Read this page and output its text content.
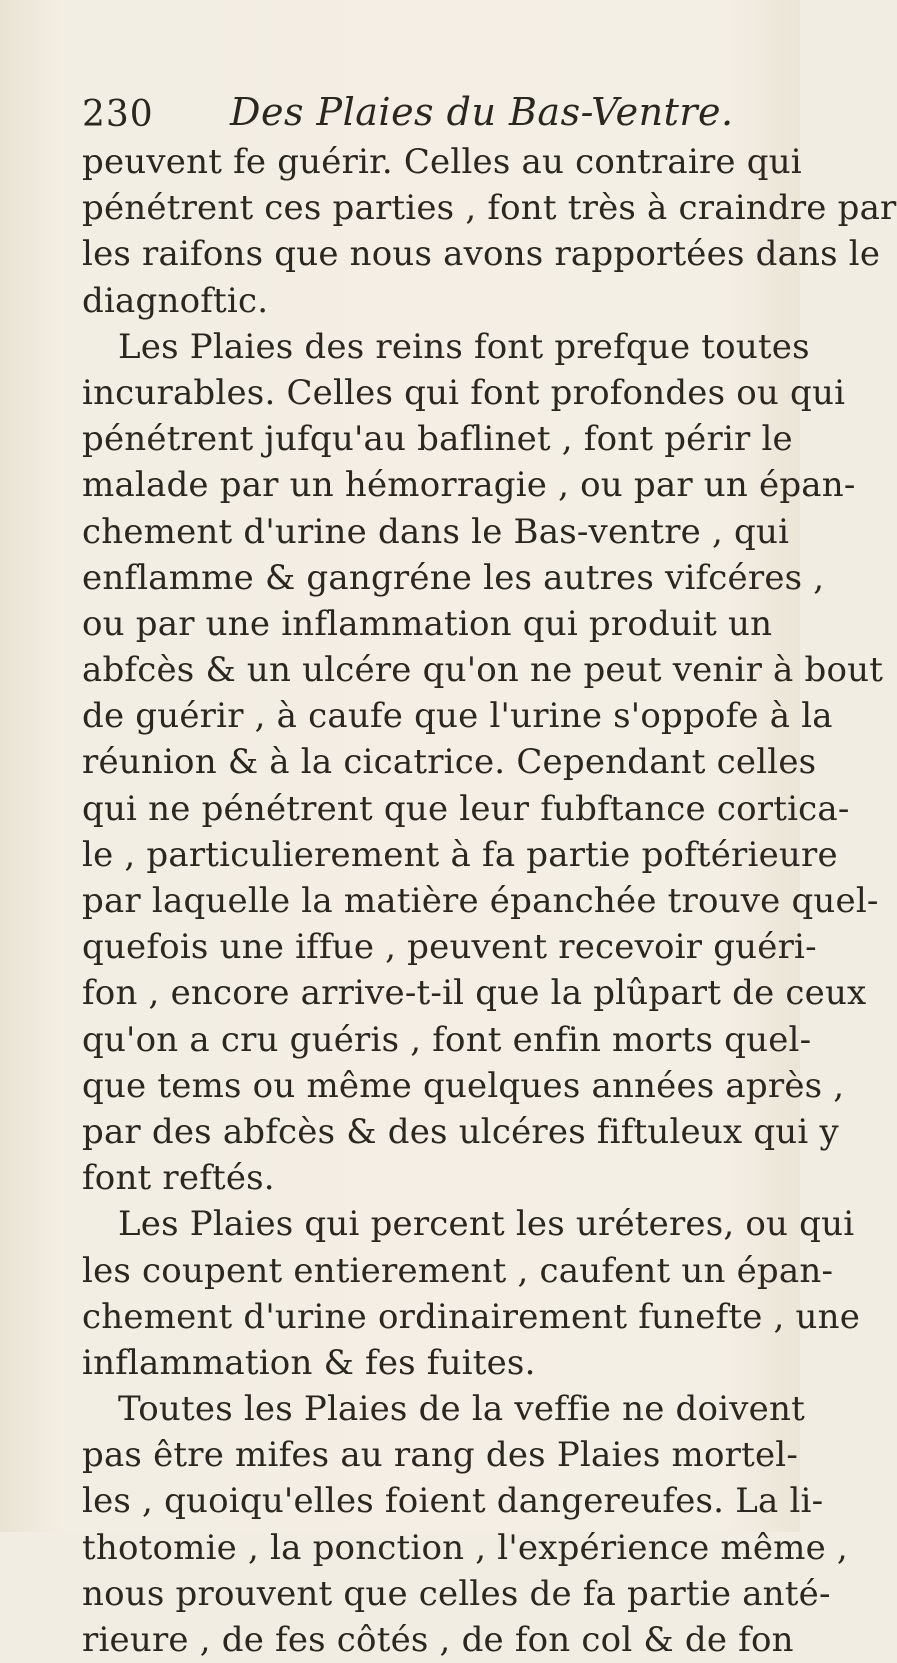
230 Des Plaies du Bas-Ventre.
peuvent fe guérir. Celles au contraire qui
pénétrent ces parties , font très à craindre par
les raifons que nous avons rapportées dans le
diagnoftic.
Les Plaies des reins font prefque toutes
incurables. Celles qui font profondes ou qui
pénétrent jufqu'au baflinet , font périr le
malade par un hémorragie , ou par un épan-
chement d'urine dans le Bas-ventre , qui
enflamme & gangréne les autres vifcéres ,
ou par une inflammation qui produit un
abfcès & un ulcére qu'on ne peut venir à bout
de guérir , à caufe que l'urine s'oppofe à la
réunion & à la cicatrice. Cependant celles
qui ne pénétrent que leur fubftance cortica-
le , particulierement à fa partie poftérieure
par laquelle la matière épanchée trouve quel-
quefois une iffue , peuvent recevoir guéri-
fon , encore arrive-t-il que la plûpart de ceux
qu'on a cru guéris , font enfin morts quel-
que tems ou même quelques années après ,
par des abfcès & des ulcéres fiftuleux qui y
font reftés.
Les Plaies qui percent les uréteres, ou qui
les coupent entierement , caufent un épan-
chement d'urine ordinairement funefte , une
inflammation & fes fuites.
Toutes les Plaies de la veffie ne doivent
pas être mifes au rang des Plaies mortel-
les , quoiqu'elles foient dangereufes. La li-
thotomie , la ponction , l'expérience même ,
nous prouvent que celles de fa partie anté-
rieure , de fes côtés , de fon col & de fon
